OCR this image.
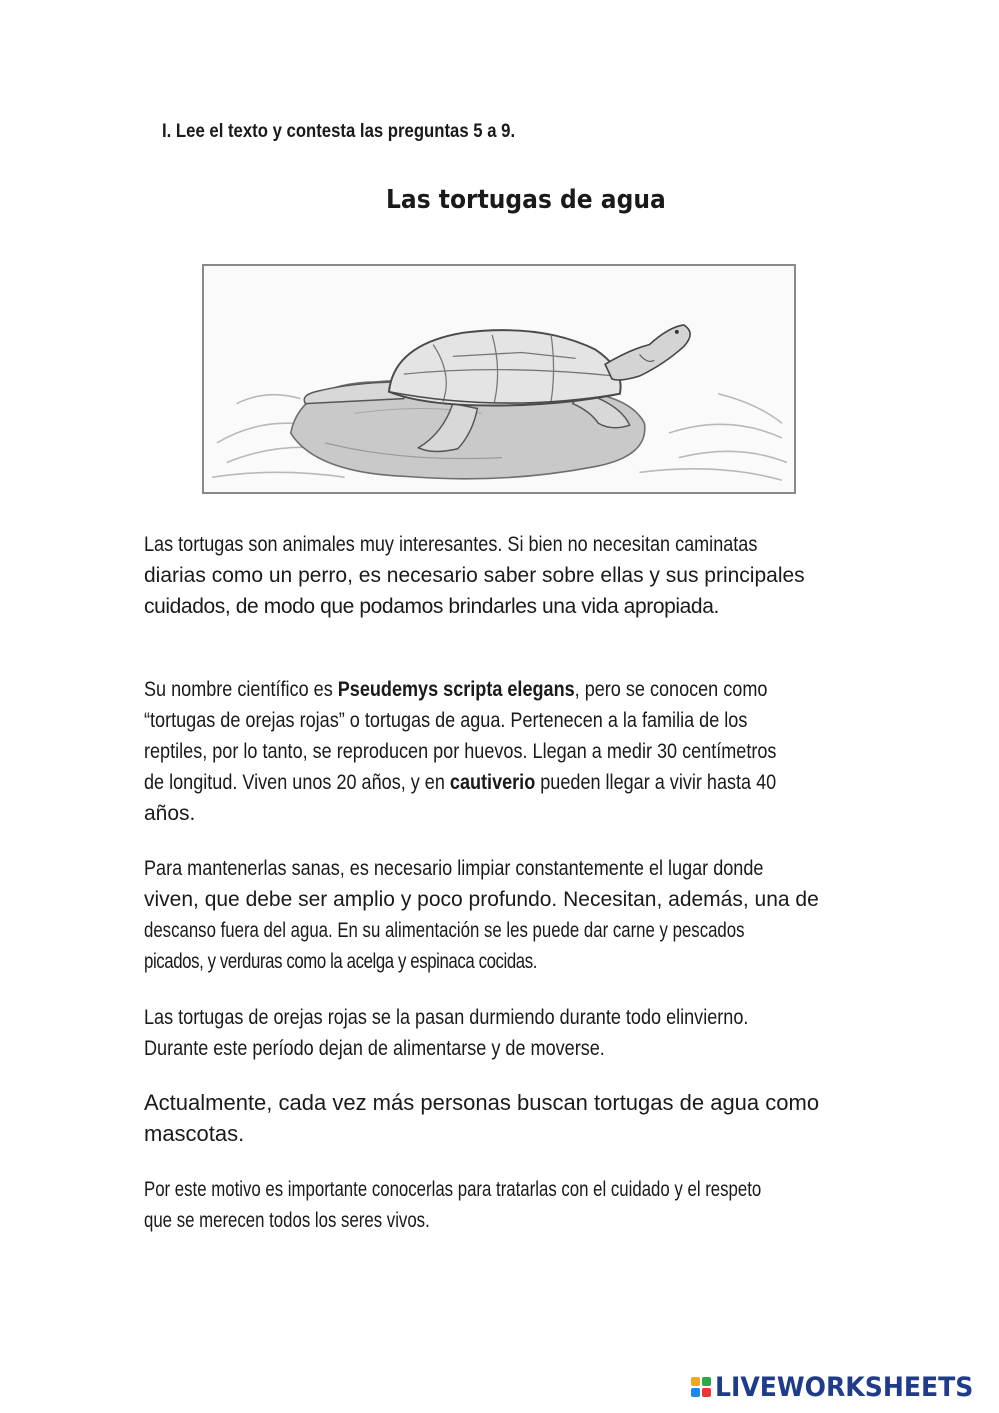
I. Lee el texto y contesta las preguntas 5 a 9.
Las tortugas de agua
Las tortugas son animales muy interesantes. Si bien no necesitan caminatas
diarias como un perro, es necesario saber sobre ellas y sus principales
cuidados, de modo que podamos brindarles una vida apropiada.
Su nombre científico es Pseudemys scripta elegans, pero se conocen como
“tortugas de orejas rojas” o tortugas de agua. Pertenecen a la familia de los
reptiles, por lo tanto, se reproducen por huevos. Llegan a medir 30 centímetros
de longitud. Viven unos 20 años, y en cautiverio pueden llegar a vivir hasta 40
años.
Para mantenerlas sanas, es necesario limpiar constantemente el lugar donde
viven, que debe ser amplio y poco profundo. Necesitan, además, una de
descanso fuera del agua. En su alimentación se les puede dar carne y pescados
picados, y verduras como la acelga y espinaca cocidas.
Las tortugas de orejas rojas se la pasan durmiendo durante todo elinvierno.
Durante este período dejan de alimentarse y de moverse.
Actualmente, cada vez más personas buscan tortugas de agua como
mascotas.
Por este motivo es importante conocerlas para tratarlas con el cuidado y el respeto
que se merecen todos los seres vivos.
LIVEWORKSHEETS
